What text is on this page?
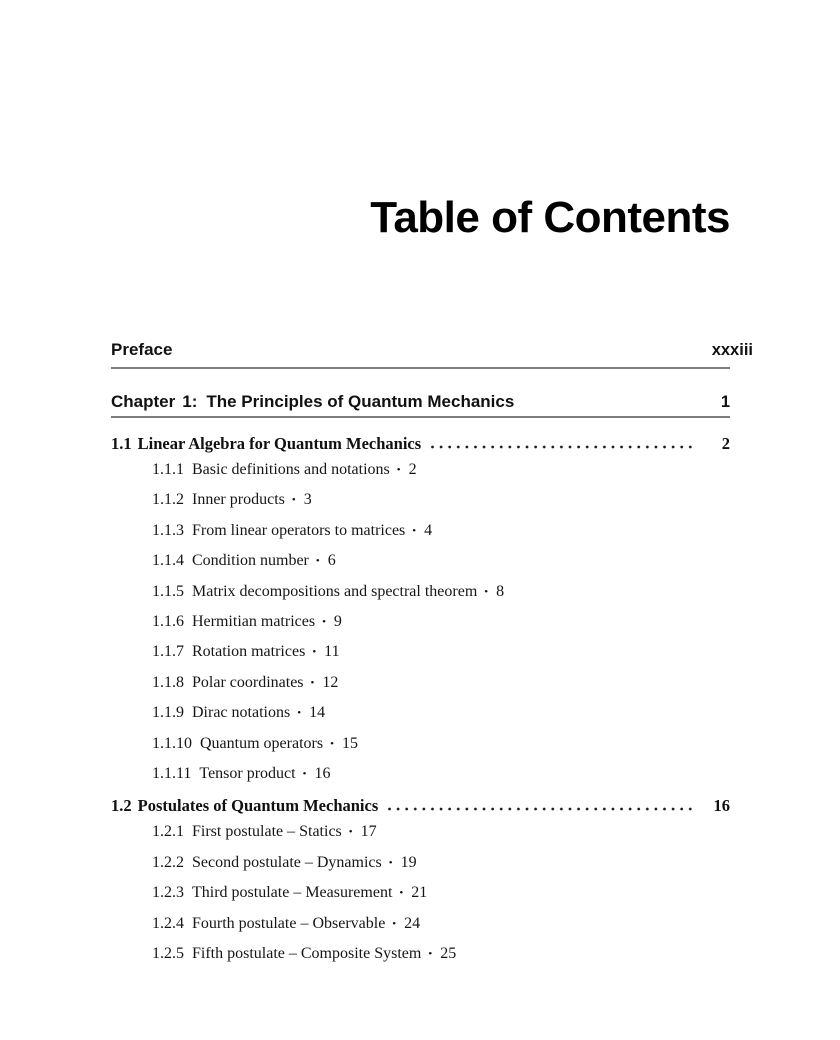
Table of Contents
Preface	xxxiii
Chapter 1: The Principles of Quantum Mechanics	1
1.1 Linear Algebra for Quantum Mechanics	2
1.1.1 Basic definitions and notations • 2
1.1.2 Inner products • 3
1.1.3 From linear operators to matrices • 4
1.1.4 Condition number • 6
1.1.5 Matrix decompositions and spectral theorem • 8
1.1.6 Hermitian matrices • 9
1.1.7 Rotation matrices • 11
1.1.8 Polar coordinates • 12
1.1.9 Dirac notations • 14
1.1.10 Quantum operators • 15
1.1.11 Tensor product • 16
1.2 Postulates of Quantum Mechanics	16
1.2.1 First postulate – Statics • 17
1.2.2 Second postulate – Dynamics • 19
1.2.3 Third postulate – Measurement • 21
1.2.4 Fourth postulate – Observable • 24
1.2.5 Fifth postulate – Composite System • 25
